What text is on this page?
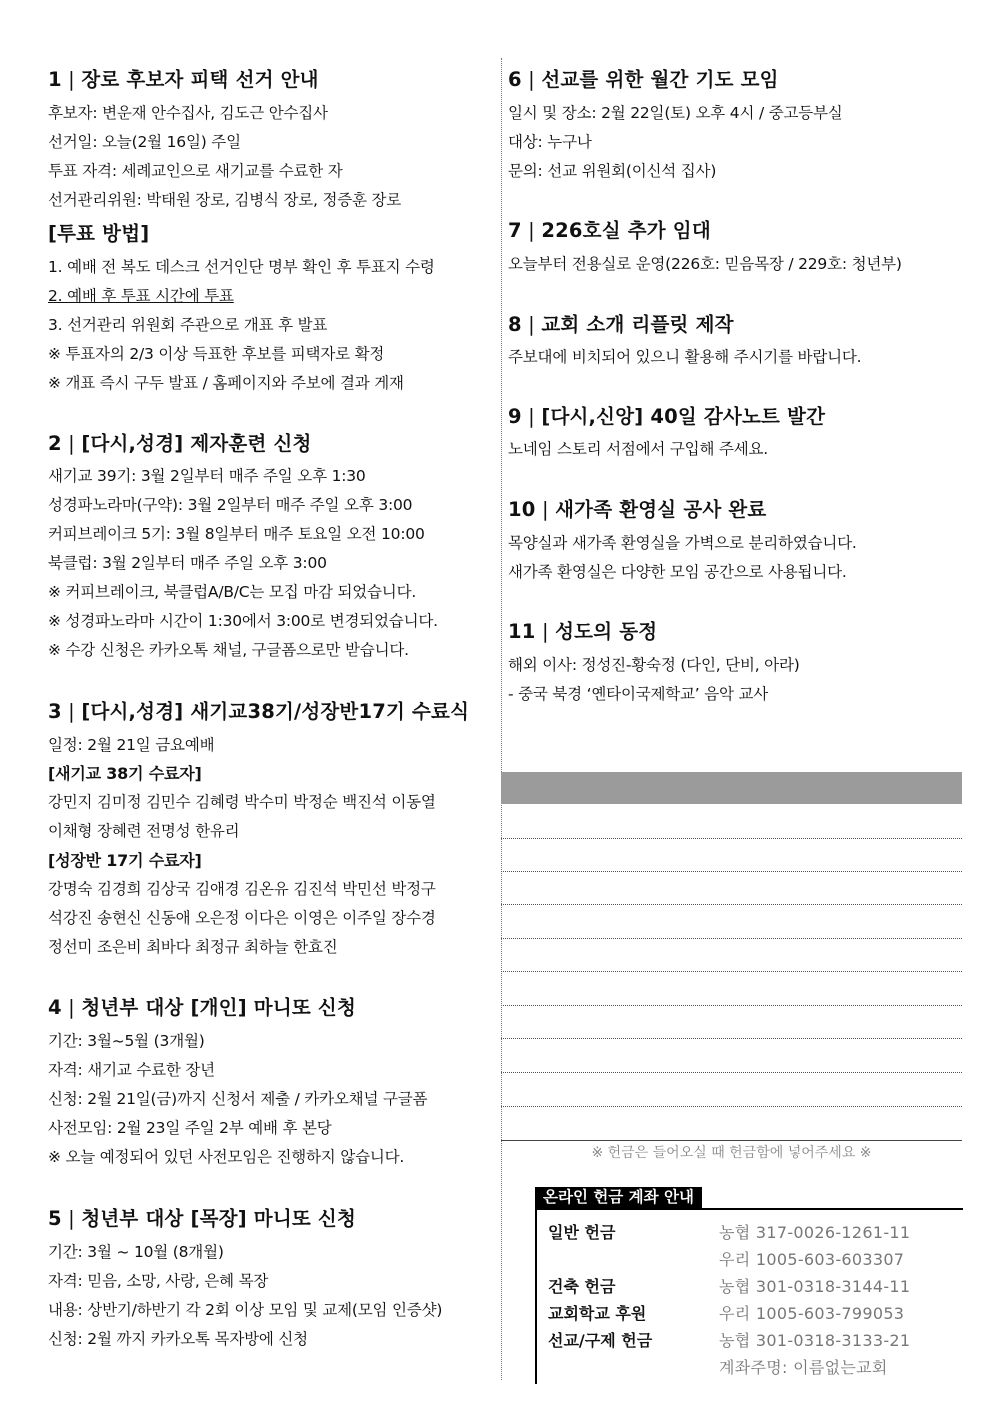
1 | 장로 후보자 피택 선거 안내
후보자: 변운재 안수집사, 김도근 안수집사
선거일: 오늘(2월 16일) 주일
투표 자격: 세례교인으로 새기교를 수료한 자
선거관리위원: 박태원 장로, 김병식 장로, 정증훈 장로
[투표 방법]
1. 예배 전 복도 데스크 선거인단 명부 확인 후 투표지 수령
2. 예배 후 투표 시간에 투표
3. 선거관리 위원회 주관으로 개표 후 발표
※ 투표자의 2/3 이상 득표한 후보를 피택자로 확정
※ 개표 즉시 구두 발표 / 홈페이지와 주보에 결과 게재
2 | [다시,성경] 제자훈련 신청
새기교 39기: 3월 2일부터 매주 주일 오후 1:30
성경파노라마(구약): 3월 2일부터 매주 주일 오후 3:00
커피브레이크 5기: 3월 8일부터 매주 토요일 오전 10:00
북클럽: 3월 2일부터 매주 주일 오후 3:00
※ 커피브레이크, 북클럽A/B/C는 모집 마감 되었습니다.
※ 성경파노라마 시간이 1:30에서 3:00로 변경되었습니다.
※ 수강 신청은 카카오톡 채널, 구글폼으로만 받습니다.
3 | [다시,성경] 새기교38기/성장반17기 수료식
일정: 2월 21일 금요예배
[새기교 38기 수료자]
강민지 김미정 김민수 김혜령 박수미 박정순 백진석 이동열
이채형 장혜련 전명성 한유리
[성장반 17기 수료자]
강명숙 김경희 김상국 김애경 김온유 김진석 박민선 박정구
석강진 송현신 신동애 오은정 이다은 이영은 이주일 장수경
정선미 조은비 최바다 최정규 최하늘 한효진
4 | 청년부 대상 [개인] 마니또 신청
기간: 3월~5월 (3개월)
자격: 새기교 수료한 장년
신청: 2월 21일(금)까지 신청서 제출 / 카카오채널 구글폼
사전모임: 2월 23일 주일 2부 예배 후 본당
※ 오늘 예정되어 있던 사전모임은 진행하지 않습니다.
5 | 청년부 대상 [목장] 마니또 신청
기간: 3월 ~ 10월 (8개월)
자격: 믿음, 소망, 사랑, 은혜 목장
내용: 상반기/하반기 각 2회 이상 모임 및 교제(모임 인증샷)
신청: 2월 까지 카카오톡 목자방에 신청
6 | 선교를 위한 월간 기도 모임
일시 및 장소: 2월 22일(토) 오후 4시 / 중고등부실
대상: 누구나
문의: 선교 위원회(이신석 집사)
7 | 226호실 추가 임대
오늘부터 전용실로 운영(226호: 믿음목장 / 229호: 청년부)
8 | 교회 소개 리플릿 제작
주보대에 비치되어 있으니 활용해 주시기를 바랍니다.
9 | [다시,신앙] 40일 감사노트 발간
노네임 스토리 서점에서 구입해 주세요.
10 | 새가족 환영실 공사 완료
목양실과 새가족 환영실을 가벽으로 분리하였습니다.
새가족 환영실은 다양한 모임 공간으로 사용됩니다.
11 | 성도의 동정
해외 이사: 정성진-황숙정 (다인, 단비, 아라)
- 중국 북경 ‘옌타이국제학교’ 음악 교사
※ 헌금은 들어오실 때 헌금함에 넣어주세요 ※
온라인 헌금 계좌 안내
일반 헌금	농협 317-0026-1261-11
우리 1005-603-603307
건축 헌금	농협 301-0318-3144-11
교회학교 후원	우리 1005-603-799053
선교/구제 헌금	농협 301-0318-3133-21
계좌주명: 이름없는교회
